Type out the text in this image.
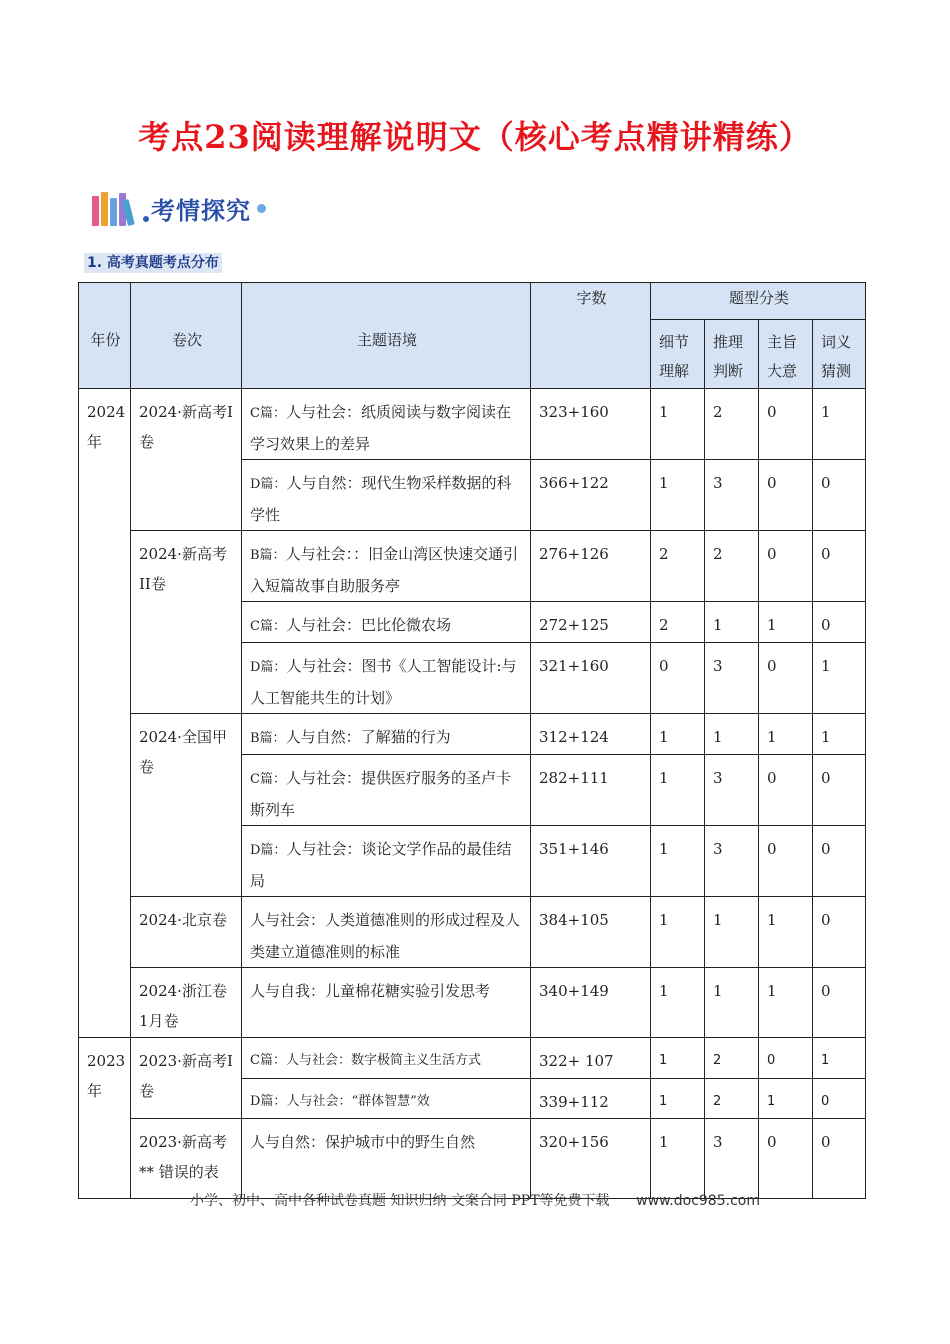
考点23阅读理解说明文（核心考点精讲精练）
考情探究
1. 高考真题考点分布
年份	卷次	主题语境	字数	题型分类			
				细节理解	推理判断	主旨大意	词义猜测
2024年	2024·新高考I卷	C篇：人与社会：纸质阅读与数字阅读在学习效果上的差异	323+160	1	2	0	1
		D篇：人与自然：现代生物采样数据的科学性	366+122	1	3	0	0
	2024·新高考II卷	B篇：人与社会：：旧金山湾区快速交通引入短篇故事自助服务亭	276+126	2	2	0	0
		C篇：人与社会：巴比伦微农场	272+125	2	1	1	0
		D篇：人与社会：图书《人工智能设计:与人工智能共生的计划》	321+160	0	3	0	1
	2024·全国甲卷	B篇：人与自然：了解猫的行为	312+124	1	1	1	1
		C篇：人与社会：提供医疗服务的圣卢卡斯列车	282+111	1	3	0	0
		D篇：人与社会：谈论文学作品的最佳结局	351+146	1	3	0	0
	2024·北京卷	人与社会：人类道德准则的形成过程及人类建立道德准则的标准	384+105	1	1	1	0
	2024·浙江卷1月卷	人与自我：儿童棉花糖实验引发思考	340+149	1	1	1	0
2023年	2023·新高考I卷	C篇：人与社会：数字极简主义生活方式	322+ 107	1	2	0	1
		D篇：人与社会：“群体智慧”效	339+112	1	2	1	0
	2023·新高考** 错误的表	人与自然：保护城市中的野生自然	320+156	1	3	0	0
小学、初中、高中各种试卷真题 知识归纳 文案合同 PPT等免费下载 www.doc985.com
